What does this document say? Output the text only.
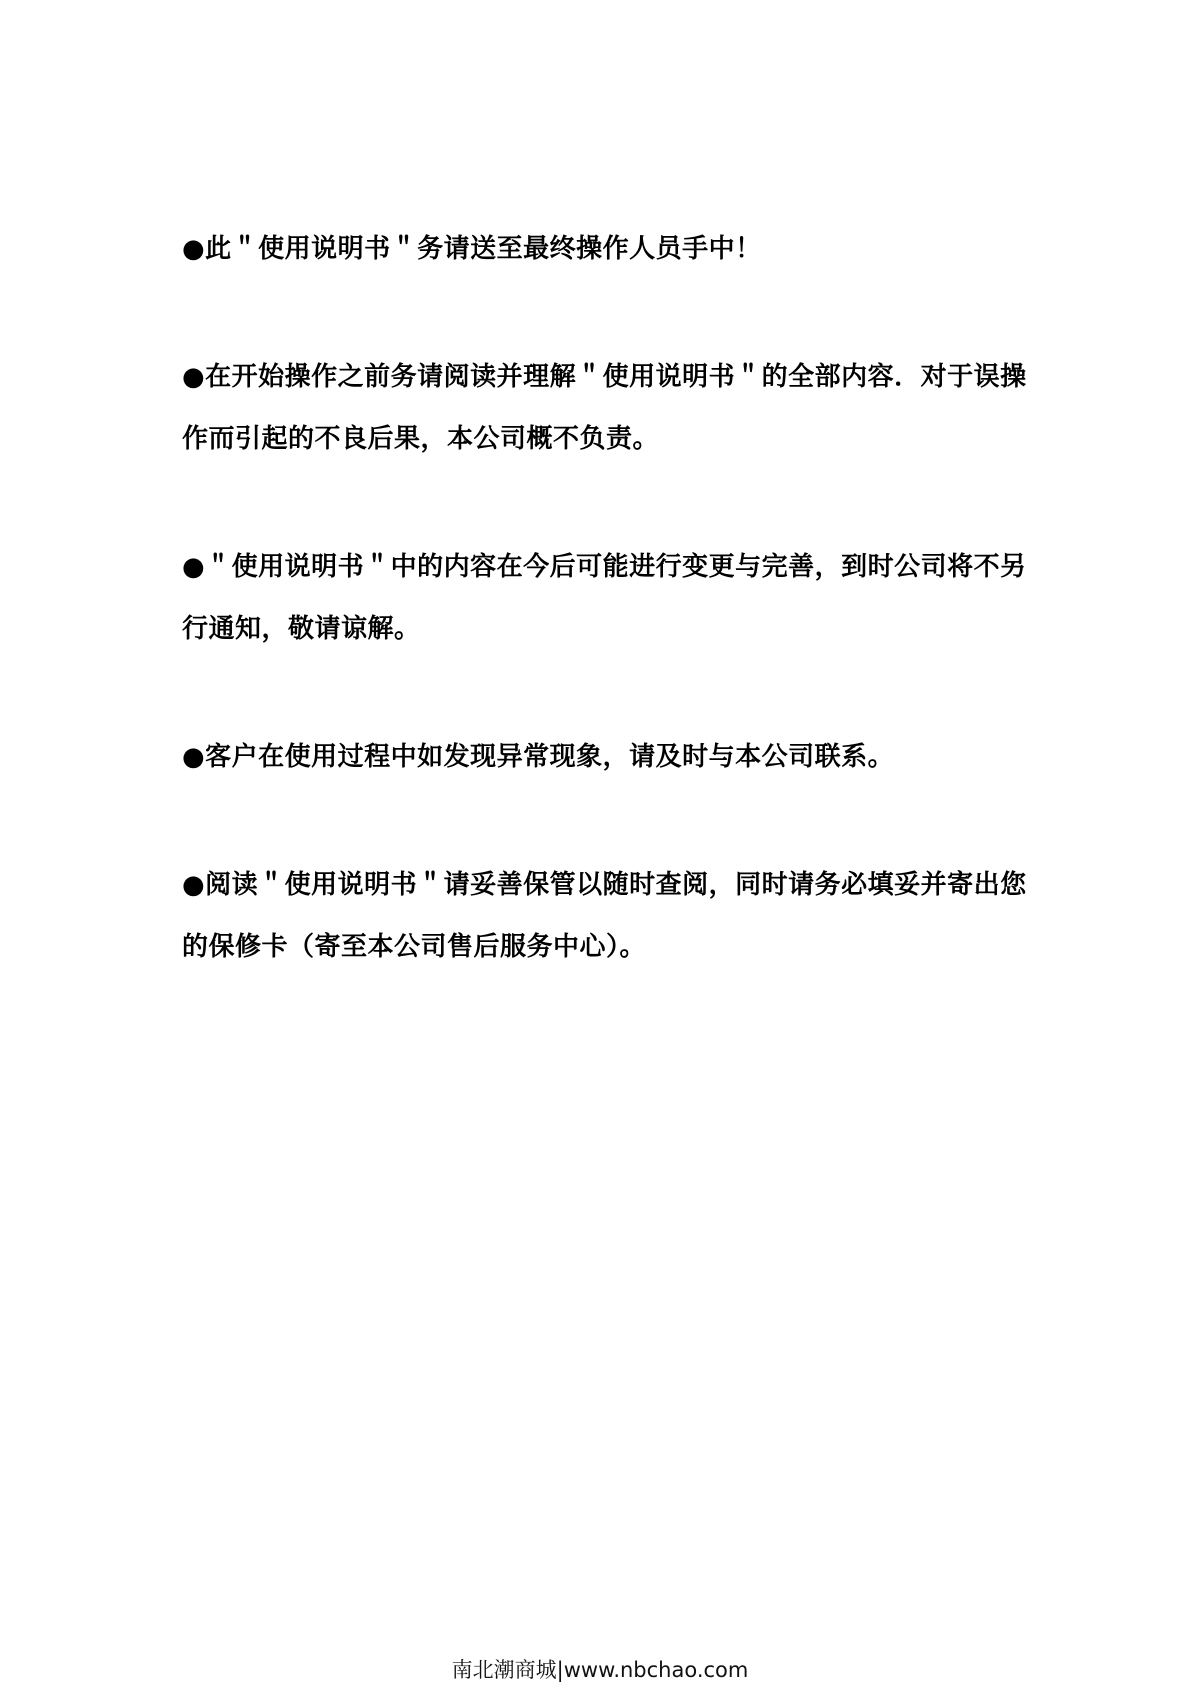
●此＂使用说明书＂务请送至最终操作人员手中！

●在开始操作之前务请阅读并理解＂使用说明书＂的全部内容．对于误操作而引起的不良后果，本公司概不负责。

●＂使用说明书＂中的内容在今后可能进行变更与完善，到时公司将不另行通知，敬请谅解。

●客户在使用过程中如发现异常现象，请及时与本公司联系。

●阅读＂使用说明书＂请妥善保管以随时查阅，同时请务必填妥并寄出您的保修卡（寄至本公司售后服务中心）。

南北潮商城|www.nbchao.com
